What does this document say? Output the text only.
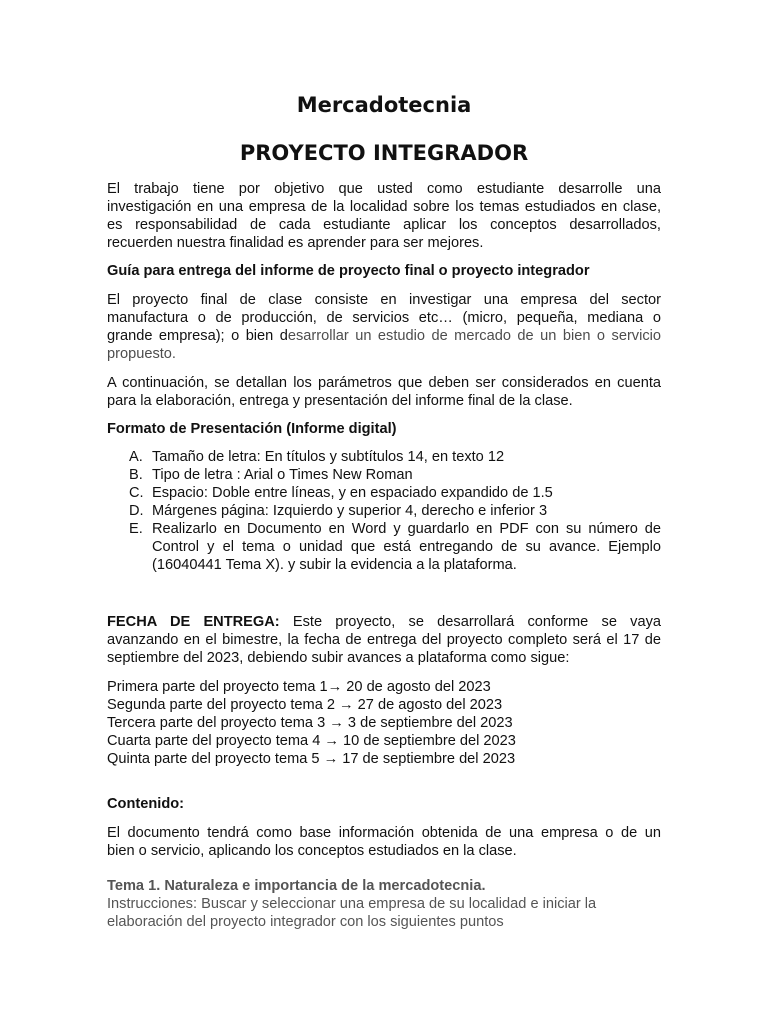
Mercadotecnia
PROYECTO INTEGRADOR
El trabajo tiene por objetivo que usted como estudiante desarrolle una
investigación en una empresa de la localidad sobre los temas estudiados en clase,
es responsabilidad de cada estudiante aplicar los conceptos desarrollados,
recuerden nuestra finalidad es aprender para ser mejores.
Guía para entrega del informe de proyecto final o proyecto integrador
El proyecto final de clase consiste en investigar una empresa del sector
manufactura o de producción, de servicios etc… (micro, pequeña, mediana o
grande empresa); o bien desarrollar un estudio de mercado de un bien o servicio
propuesto.
A continuación, se detallan los parámetros que deben ser considerados en cuenta
para la elaboración, entrega y presentación del informe final de la clase.
Formato de Presentación (Informe digital)
A. Tamaño de letra: En títulos y subtítulos 14, en texto 12
B. Tipo de letra : Arial o Times New Roman
C. Espacio: Doble entre líneas, y en espaciado expandido de 1.5
D. Márgenes página: Izquierdo y superior 4, derecho e inferior 3
E. Realizarlo en Documento en Word y guardarlo en PDF con su número de
Control y el tema o unidad que está entregando de su avance. Ejemplo
(16040441 Tema X). y subir la evidencia a la plataforma.
FECHA DE ENTREGA: Este proyecto, se desarrollará conforme se vaya
avanzando en el bimestre, la fecha de entrega del proyecto completo será el 17 de
septiembre del 2023, debiendo subir avances a plataforma como sigue:
Primera parte del proyecto tema 1→ 20 de agosto del 2023
Segunda parte del proyecto tema 2 → 27 de agosto del 2023
Tercera parte del proyecto tema 3 → 3 de septiembre del 2023
Cuarta parte del proyecto tema 4 → 10 de septiembre del 2023
Quinta parte del proyecto tema 5 → 17 de septiembre del 2023
Contenido:
El documento tendrá como base información obtenida de una empresa o de un
bien o servicio, aplicando los conceptos estudiados en la clase.
Tema 1. Naturaleza e importancia de la mercadotecnia.
Instrucciones: Buscar y seleccionar una empresa de su localidad e iniciar la
elaboración del proyecto integrador con los siguientes puntos
